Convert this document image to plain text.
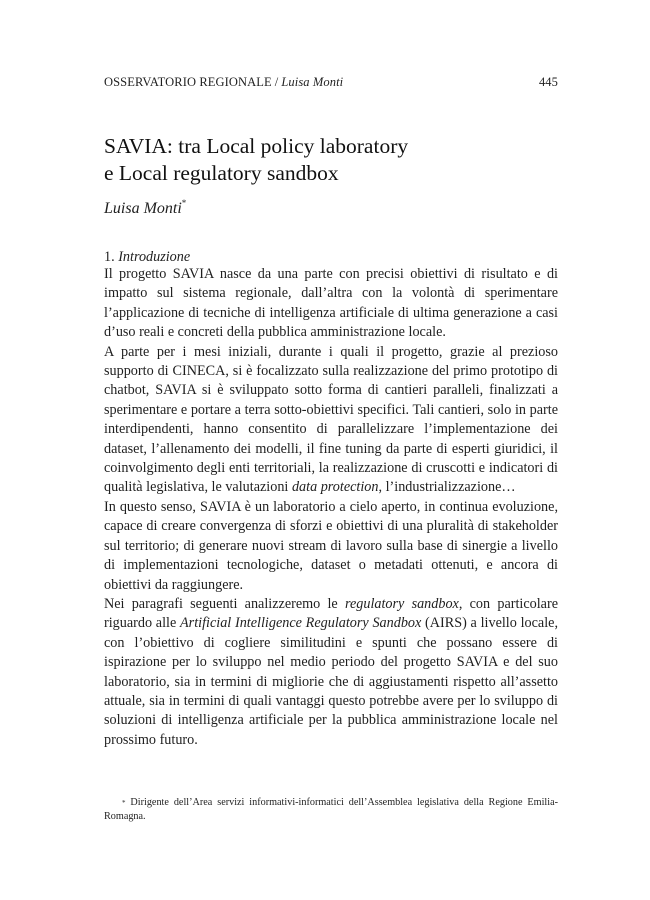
OSSERVATORIO REGIONALE / Luisa Monti	445
SAVIA: tra Local policy laboratory
e Local regulatory sandbox
Luisa Monti*
1. Introduzione

Il progetto SAVIA nasce da una parte con precisi obiettivi di risultato e di impatto sul sistema regionale, dall’altra con la volontà di sperimentare l’applicazione di tecniche di intelligenza artificiale di ultima generazione a casi d’uso reali e concreti della pubblica amministrazione locale.

A parte per i mesi iniziali, durante i quali il progetto, grazie al prezioso supporto di CINECA, si è focalizzato sulla realizzazione del primo prototipo di chatbot, SAVIA si è sviluppato sotto forma di cantieri paralleli, finalizzati a sperimentare e portare a terra sotto-obiettivi specifici. Tali cantieri, solo in parte interdipendenti, hanno consentito di parallelizzare l’implementazione dei dataset, l’allenamento dei modelli, il fine tuning da parte di esperti giuridici, il coinvolgimento degli enti territoriali, la realizzazione di cruscotti e indicatori di qualità legislativa, le valutazioni data protection, l’industrializzazione…

In questo senso, SAVIA è un laboratorio a cielo aperto, in continua evoluzione, capace di creare convergenza di sforzi e obiettivi di una pluralità di stakeholder sul territorio; di generare nuovi stream di lavoro sulla base di sinergie a livello di implementazioni tecnologiche, dataset o metadati ottenuti, e ancora di obiettivi da raggiungere.

Nei paragrafi seguenti analizzeremo le regulatory sandbox, con particolare riguardo alle Artificial Intelligence Regulatory Sandbox (AIRS) a livello locale, con l’obiettivo di cogliere similitudini e spunti che possano essere di ispirazione per lo sviluppo nel medio periodo del progetto SAVIA e del suo laboratorio, sia in termini di migliorie che di aggiustamenti rispetto all’assetto attuale, sia in termini di quali vantaggi questo potrebbe avere per lo sviluppo di soluzioni di intelligenza artificiale per la pubblica amministrazione locale nel prossimo futuro.

* Dirigente dell’Area servizi informativi-informatici dell’Assemblea legislativa della Regione Emilia-Romagna.
